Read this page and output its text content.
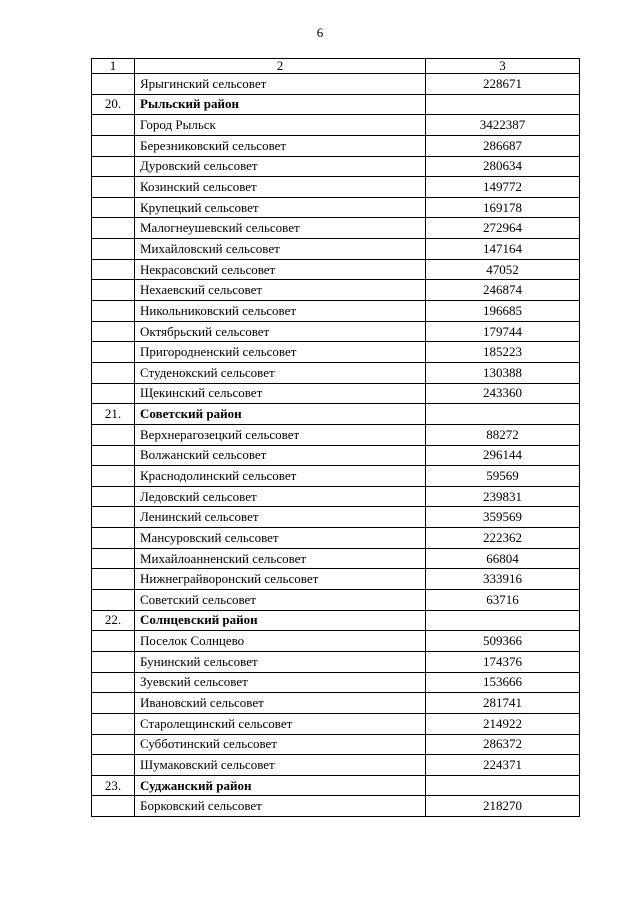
6
1	2	3
	Ярыгинский сельсовет	228671
20.	Рыльский район	
	Город Рыльск	3422387
	Березниковский сельсовет	286687
	Дуровский сельсовет	280634
	Козинский сельсовет	149772
	Крупецкий сельсовет	169178
	Малогнеушевский сельсовет	272964
	Михайловский сельсовет	147164
	Некрасовский сельсовет	47052
	Нехаевский сельсовет	246874
	Никольниковский сельсовет	196685
	Октябрьский сельсовет	179744
	Пригородненский сельсовет	185223
	Студенокский сельсовет	130388
	Щекинский сельсовет	243360
21.	Советский район	
	Верхнерагозецкий сельсовет	88272
	Волжанский сельсовет	296144
	Краснодолинский сельсовет	59569
	Ледовский сельсовет	239831
	Ленинский сельсовет	359569
	Мансуровский сельсовет	222362
	Михайлоанненский сельсовет	66804
	Нижнеграйворонский сельсовет	333916
	Советский сельсовет	63716
22.	Солнцевский район	
	Поселок Солнцево	509366
	Бунинский сельсовет	174376
	Зуевский сельсовет	153666
	Ивановский сельсовет	281741
	Старолещинский сельсовет	214922
	Субботинский сельсовет	286372
	Шумаковский сельсовет	224371
23.	Суджанский район	
	Борковский сельсовет	218270
